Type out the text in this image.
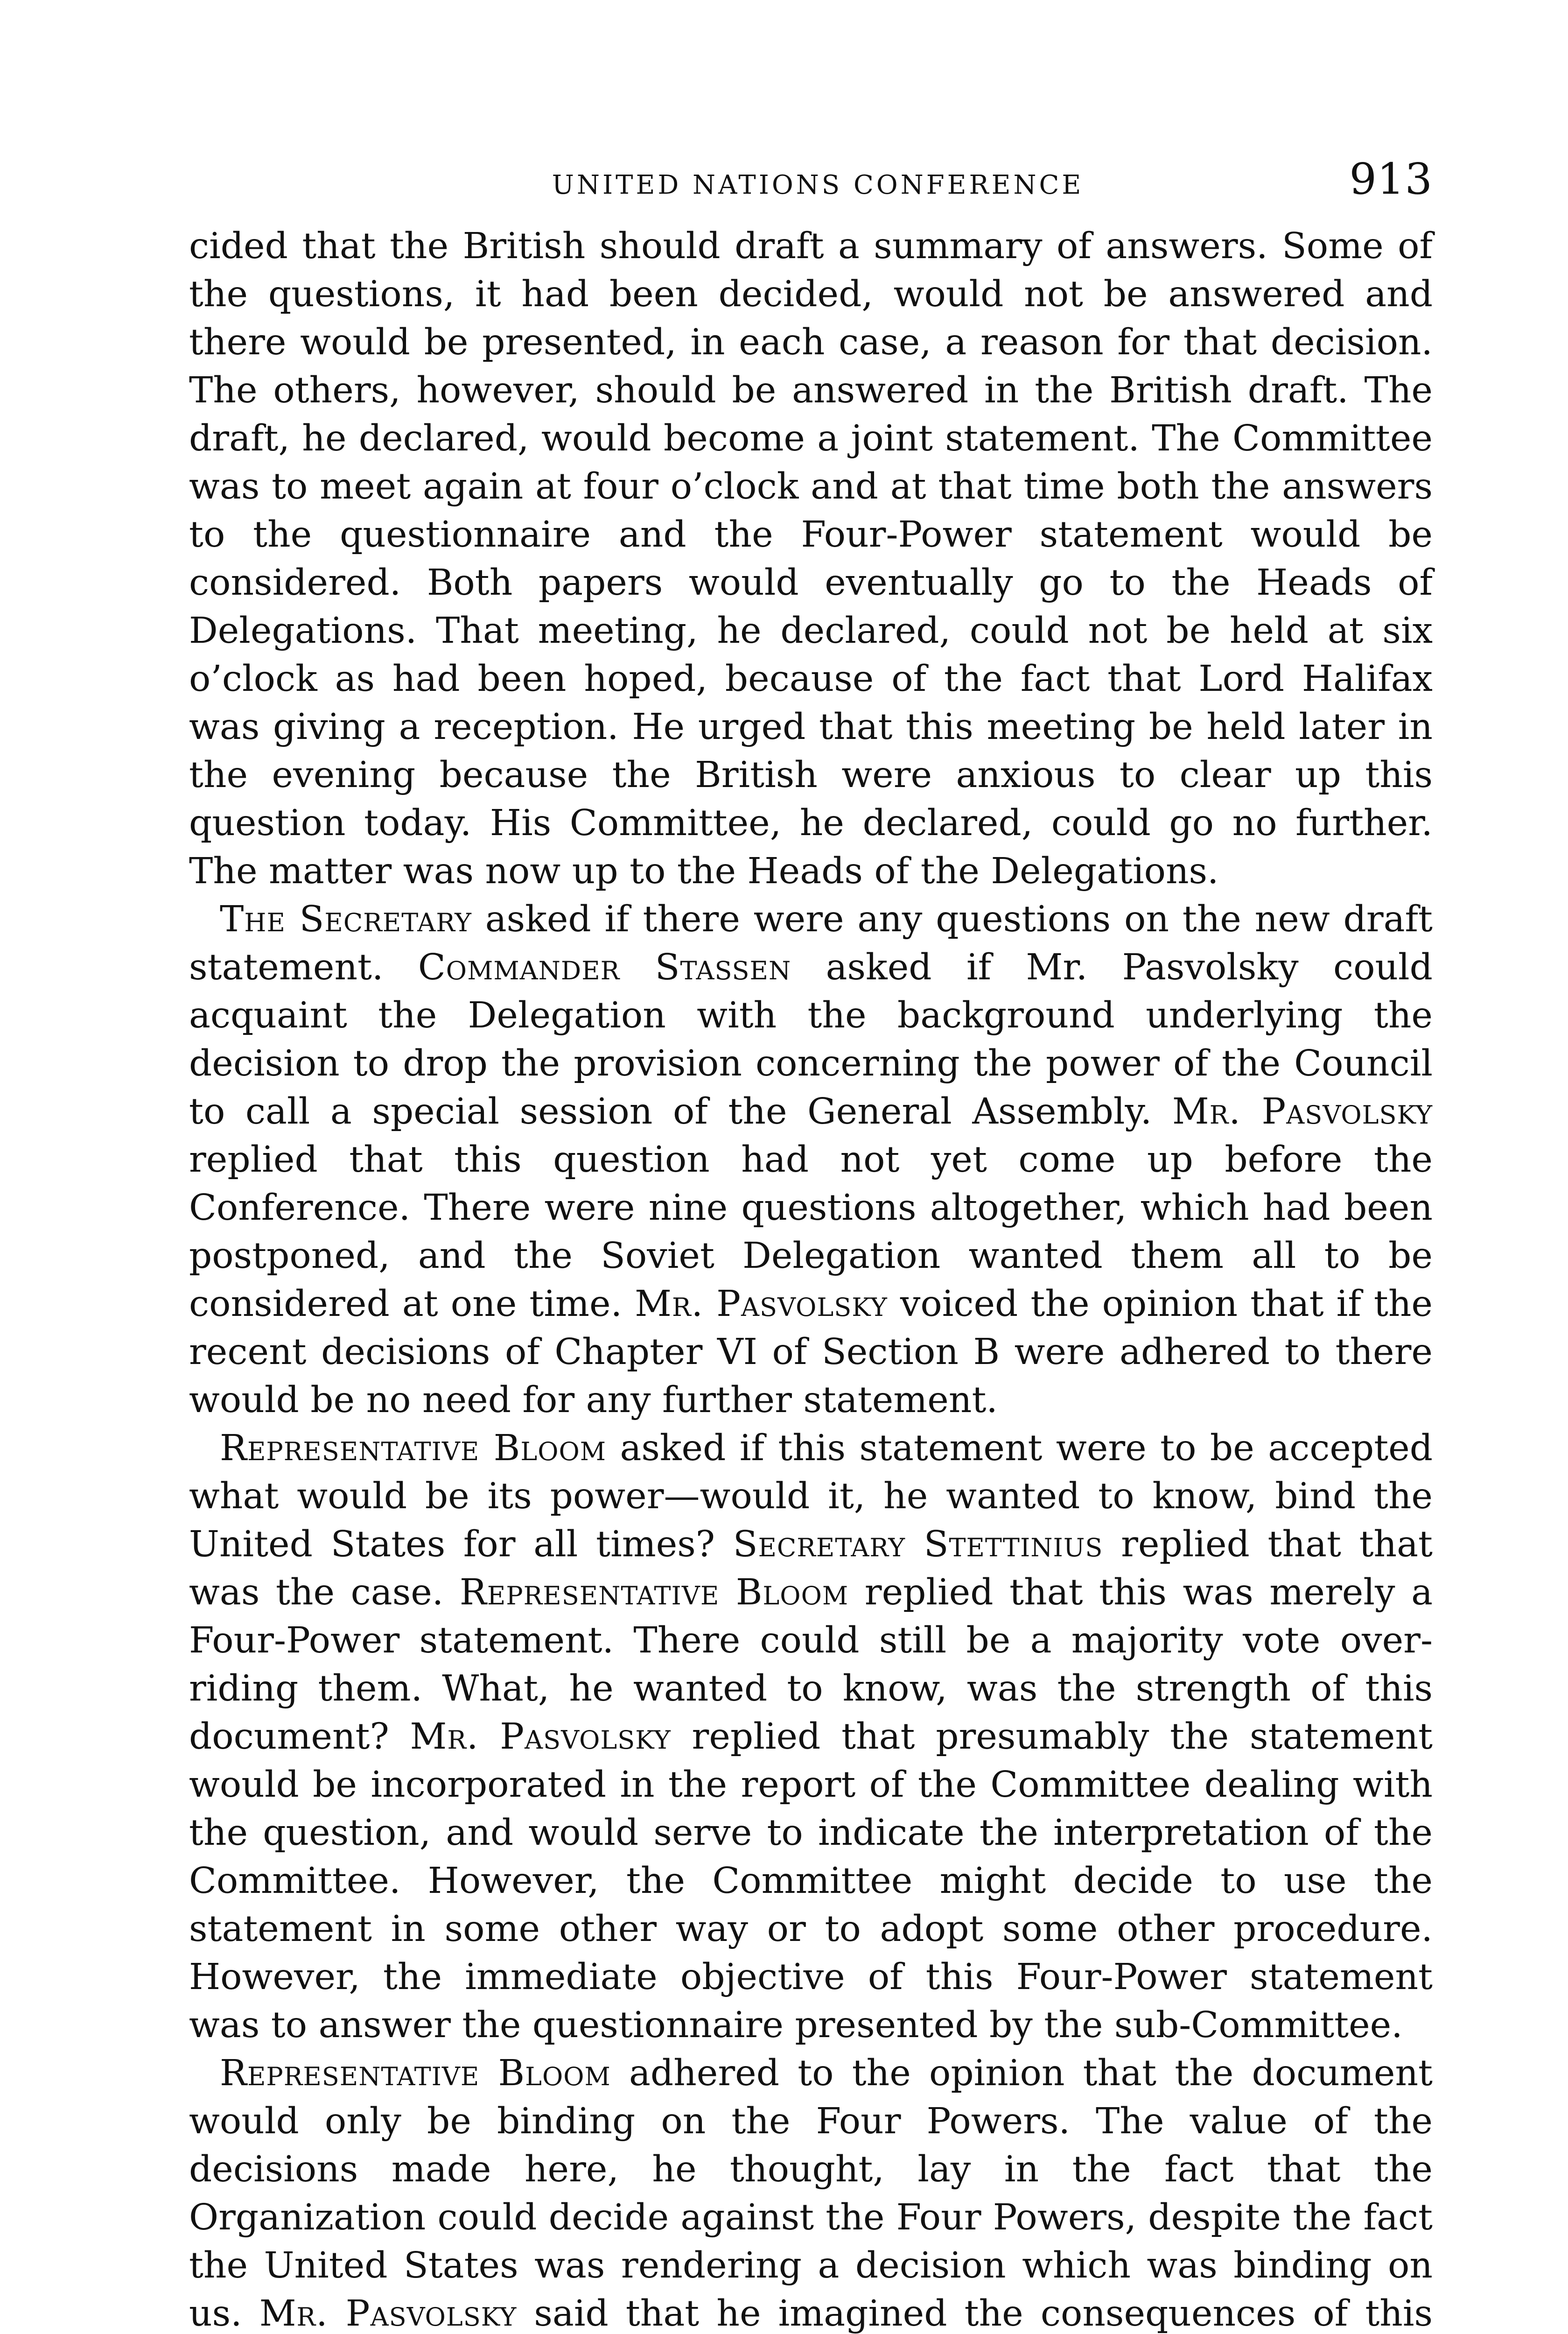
UNITED NATIONS CONFERENCE	913

cided that the British should draft a summary of answers. Some of the questions, it had been decided, would not be answered and there would be presented, in each case, a reason for that decision. The others, however, should be answered in the British draft. The draft, he declared, would become a joint statement. The Committee was to meet again at four o’clock and at that time both the answers to the questionnaire and the Four-Power statement would be considered. Both papers would eventually go to the Heads of Delegations. That meeting, he declared, could not be held at six o’clock as had been hoped, because of the fact that Lord Halifax was giving a reception. He urged that this meeting be held later in the evening because the British were anxious to clear up this question today. His Committee, he declared, could go no further. The matter was now up to the Heads of the Delegations.

The Secretary asked if there were any questions on the new draft statement. Commander Stassen asked if Mr. Pasvolsky could acquaint the Delegation with the background underlying the decision to drop the provision concerning the power of the Council to call a special session of the General Assembly. Mr. Pasvolsky replied that this question had not yet come up before the Conference. There were nine questions altogether, which had been postponed, and the Soviet Delegation wanted them all to be considered at one time. Mr. Pasvolsky voiced the opinion that if the recent decisions of Chapter VI of Section B were adhered to there would be no need for any further statement.

Representative Bloom asked if this statement were to be accepted what would be its power—would it, he wanted to know, bind the United States for all times? Secretary Stettinius replied that that was the case. Representative Bloom replied that this was merely a Four-Power statement. There could still be a majority vote over-riding them. What, he wanted to know, was the strength of this document? Mr. Pasvolsky replied that presumably the statement would be incorporated in the report of the Committee dealing with the question, and would serve to indicate the interpretation of the Committee. However, the Committee might decide to use the statement in some other way or to adopt some other procedure. However, the immediate objective of this Four-Power statement was to answer the questionnaire presented by the sub-Committee.

Representative Bloom adhered to the opinion that the document would only be binding on the Four Powers. The value of the decisions made here, he thought, lay in the fact that the Organization could decide against the Four Powers, despite the fact the United States was rendering a decision which was binding on us. Mr. Pasvolsky said that he imagined the consequences of this
